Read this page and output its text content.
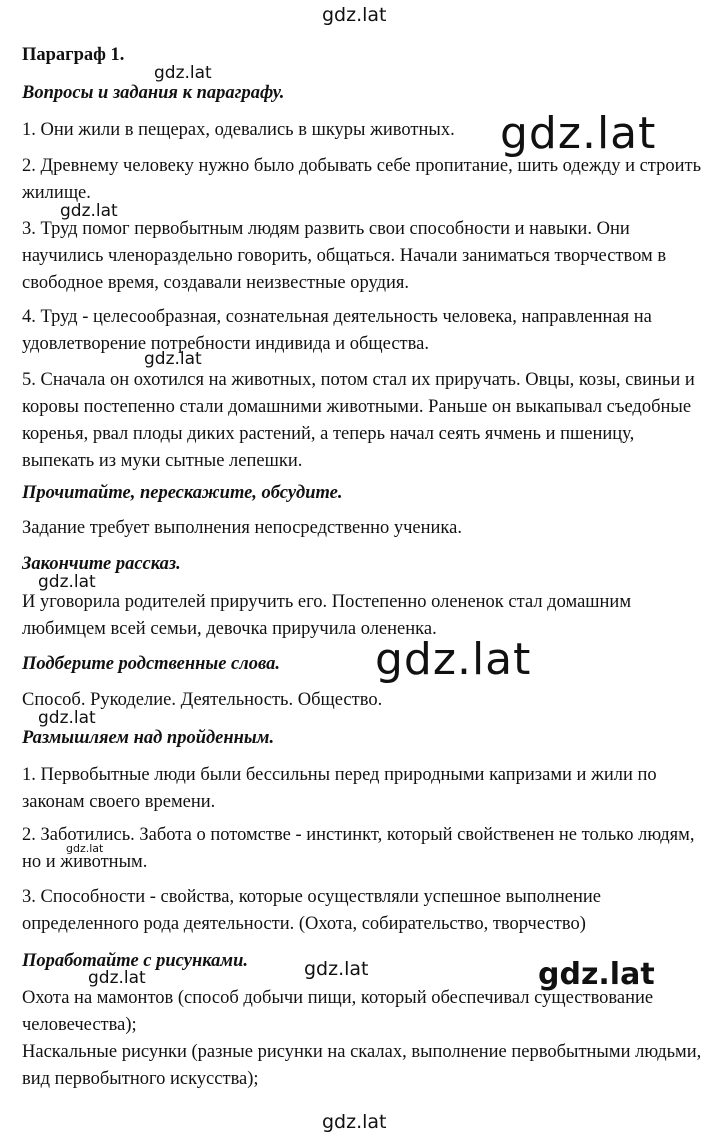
Параграф 1.

Вопросы и задания к параграфу.

1. Они жили в пещерах, одевались в шкуры животных.

2. Древнему человеку нужно было добывать себе пропитание, шить одежду и строить жилище.

3. Труд помог первобытным людям развить свои способности и навыки. Они научились членораздельно говорить, общаться. Начали заниматься творчеством в свободное время, создавали неизвестные орудия.

4. Труд - целесообразная, сознательная деятельность человека, направленная на удовлетворение потребности индивида и общества.

5. Сначала он охотился на животных, потом стал их приручать. Овцы, козы, свиньи и коровы постепенно стали домашними животными. Раньше он выкапывал съедобные коренья, рвал плоды диких растений, а теперь начал сеять ячмень и пшеницу, выпекать из муки сытные лепешки.

Прочитайте, перескажите, обсудите.

Задание требует выполнения непосредственно ученика.

Закончите рассказ.

И уговорила родителей приручить его. Постепенно олененок стал домашним любимцем всей семьи, девочка приручила олененка.

Подберите родственные слова.

Способ. Рукоделие. Деятельность. Общество.

Размышляем над пройденным.

1. Первобытные люди были бессильны перед природными капризами и жили по законам своего времени.

2. Заботились. Забота о потомстве - инстинкт, который свойственен не только людям, но и животным.

3. Способности - свойства, которые осуществляли успешное выполнение определенного рода деятельности. (Охота, собирательство, творчество)

Поработайте с рисунками.

Охота на мамонтов (способ добычи пищи, который обеспечивал существование человечества);

Наскальные рисунки (разные рисунки на скалах, выполнение первобытными людьми, вид первобытного искусства);

gdz.lat
gdz.lat
gdz.lat
gdz.lat
gdz.lat
gdz.lat
gdz.lat
gdz.lat
gdz.lat
gdz.lat
gdz.lat	gdz.lat
gdz.lat
